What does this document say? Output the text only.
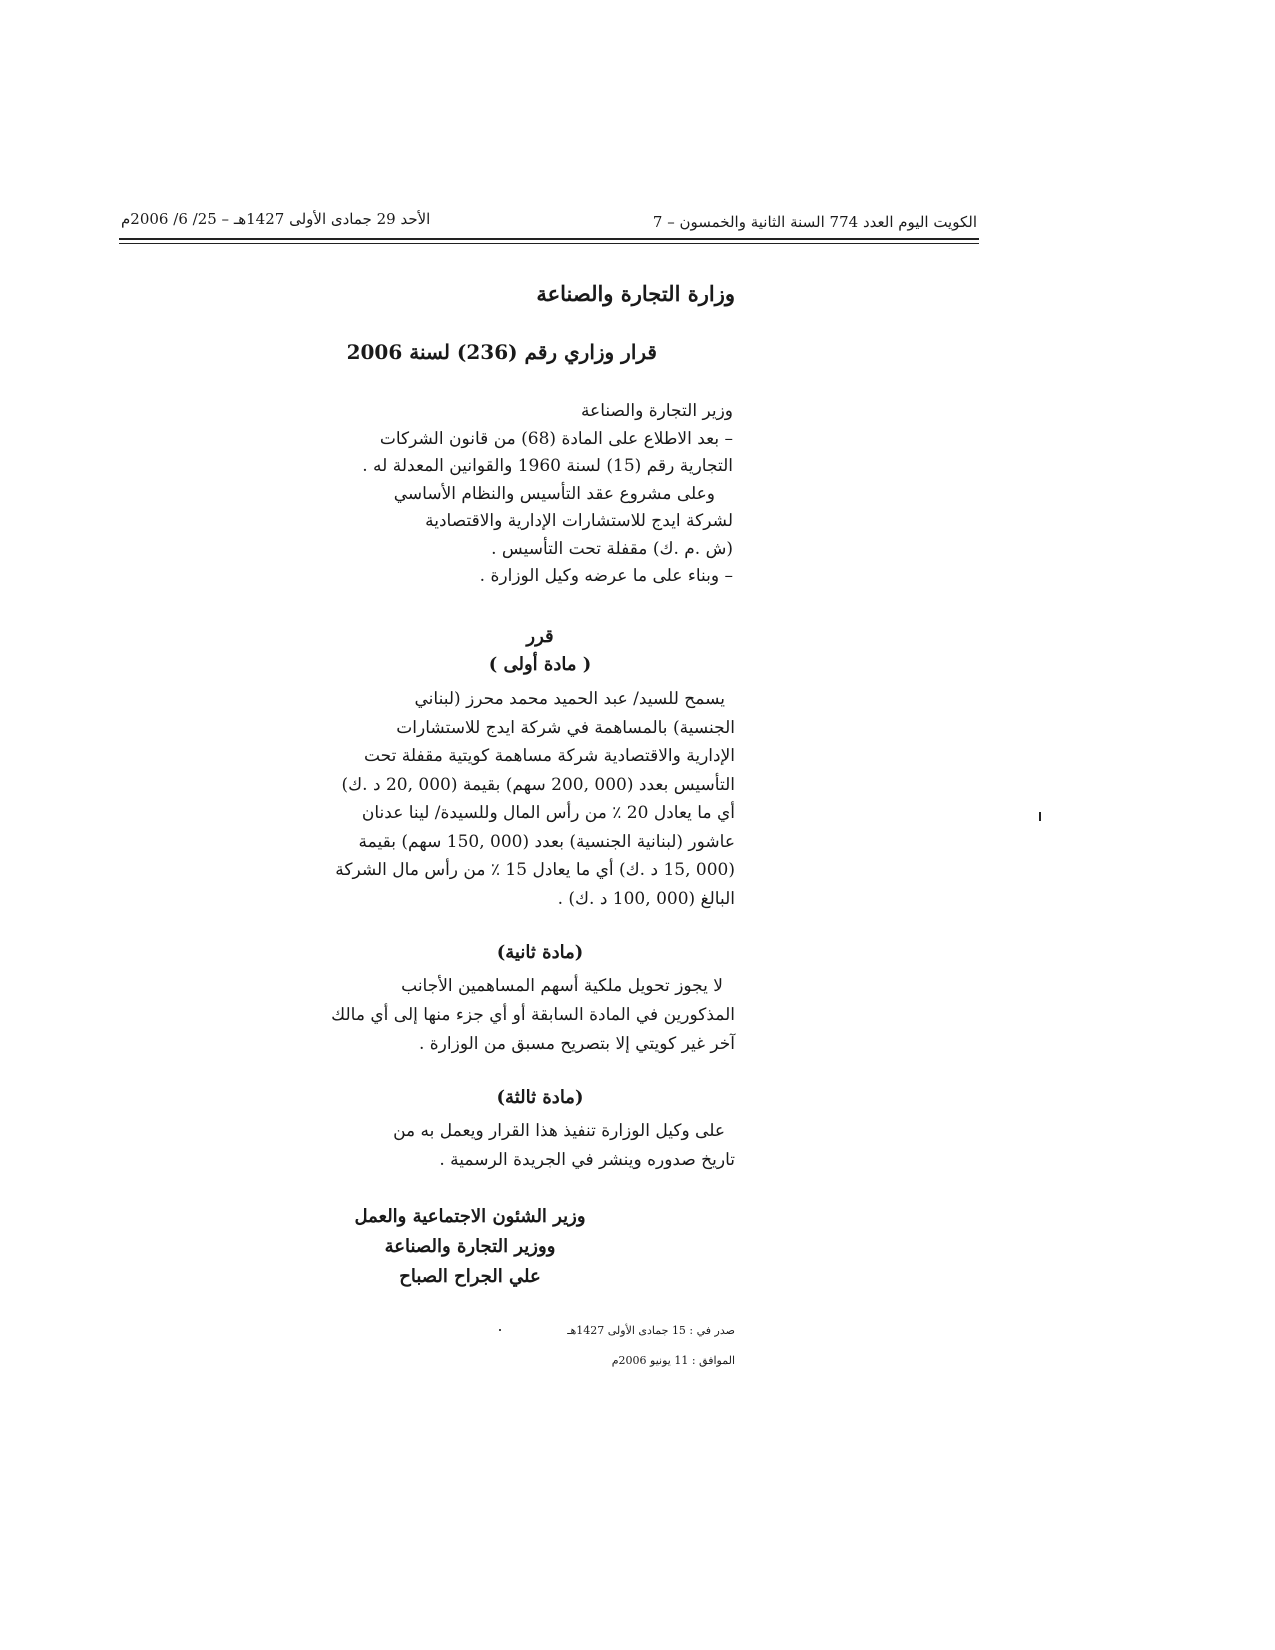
الأحد 29 جمادى الأولى 1427هـ – 25/ 6/ 2006م	الكويت اليوم العدد 774 السنة الثانية والخمسون – 7
وزارة التجارة والصناعة
قرار وزاري رقم (236) لسنة 2006
وزير التجارة والصناعة
– بعد الاطلاع على المادة (68) من قانون الشركات
التجارية رقم (15) لسنة 1960 والقوانين المعدلة له .
وعلى مشروع عقد التأسيس والنظام الأساسي
لشركة ايدج للاستشارات الإدارية والاقتصادية
(ش .م .ك) مقفلة تحت التأسيس .
– وبناء على ما عرضه وكيل الوزارة .
قرر
( مادة أولى )
يسمح للسيد/ عبد الحميد محمد محرز (لبناني
الجنسية) بالمساهمة في شركة ايدج للاستشارات
الإدارية والاقتصادية شركة مساهمة كويتية مقفلة تحت
التأسيس بعدد (000 ,200 سهم) بقيمة (000 ,20 د .ك)
أي ما يعادل 20 ٪ من رأس المال وللسيدة/ لينا عدنان
عاشور (لبنانية الجنسية) بعدد (000 ,150 سهم) بقيمة
(000 ,15 د .ك) أي ما يعادل 15 ٪ من رأس مال الشركة
البالغ (000 ,100 د .ك) .
(مادة ثانية)
لا يجوز تحويل ملكية أسهم المساهمين الأجانب
المذكورين في المادة السابقة أو أي جزء منها إلى أي مالك
آخر غير كويتي إلا بتصريح مسبق من الوزارة .
(مادة ثالثة)
على وكيل الوزارة تنفيذ هذا القرار ويعمل به من
تاريخ صدوره وينشر في الجريدة الرسمية .
وزير الشئون الاجتماعية والعمل
ووزير التجارة والصناعة
علي الجراح الصباح
صدر في : 15 جمادى الأولى 1427هـ
الموافق : 11 يونيو 2006م
